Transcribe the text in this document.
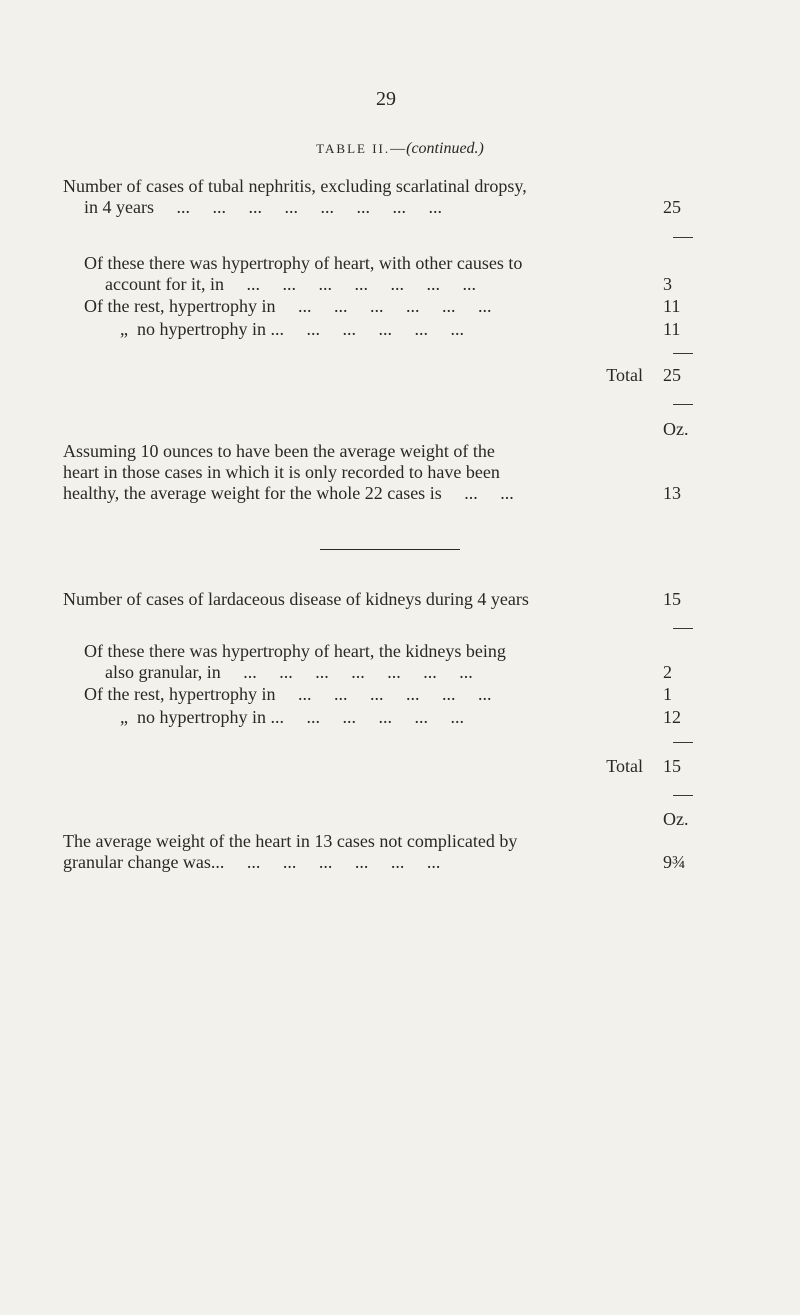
29
TABLE II.—(continued.)
Number of cases of tubal nephritis, excluding scarlatinal dropsy,
in 4 years     ...     ...     ...     ...     ...     ...     ...     ...	25
Of these there was hypertrophy of heart, with other causes to
account for it, in     ...     ...     ...     ...     ...     ...     ...	3
Of the rest, hypertrophy in     ...     ...     ...     ...     ...     ...	11
„  no hypertrophy in ...     ...     ...     ...     ...     ...	11
Total 25
Oz.
Assuming 10 ounces to have been the average weight of the
heart in those cases in which it is only recorded to have been
healthy, the average weight for the whole 22 cases is     ...     ...	13
Number of cases of lardaceous disease of kidneys during 4 years	15
Of these there was hypertrophy of heart, the kidneys being
also granular, in     ...     ...     ...     ...     ...     ...     ...	2
Of the rest, hypertrophy in     ...     ...     ...     ...     ...     ...	1
„  no hypertrophy in ...     ...     ...     ...     ...     ...	12
Total 15
Oz.
The average weight of the heart in 13 cases not complicated by
granular change was...     ...     ...     ...     ...     ...     ...	9¾
